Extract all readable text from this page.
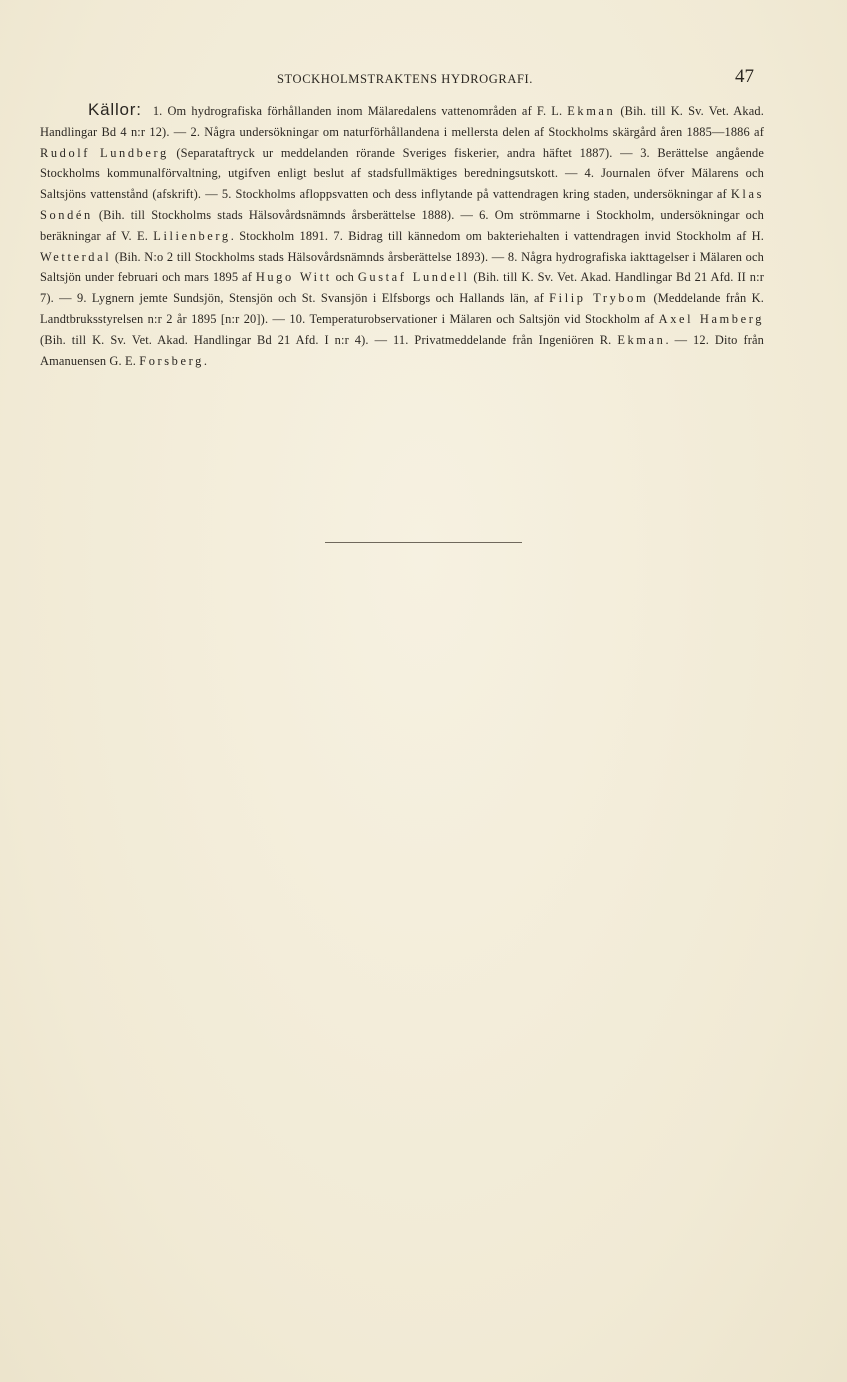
STOCKHOLMSTRAKTENS HYDROGRAFI.	47
Källor: 1. Om hydrografiska förhållanden inom Mälaredalens vattenområden af F. L. Ekman (Bih. till K. Sv. Vet. Akad. Handlingar Bd 4 n:r 12). — 2. Några undersökningar om naturförhållandena i mellersta delen af Stockholms skärgård åren 1885—1886 af Rudolf Lundberg (Separataftryck ur meddelanden rörande Sveriges fiskerier, andra häftet 1887). — 3. Berättelse angående Stockholms kommunalförvaltning, utgifven enligt beslut af stadsfullmäktiges beredningsutskott. — 4. Journalen öfver Mälarens och Saltsjöns vattenstånd (afskrift). — 5. Stockholms afloppsvatten och dess inflytande på vattendragen kring staden, undersökningar af Klas Sondén (Bih. till Stockholms stads Hälsovårdsnämnds årsberättelse 1888). — 6. Om strömmarne i Stockholm, undersökningar och beräkningar af V. E. Lilienberg. Stockholm 1891. 7. Bidrag till kännedom om bakteriehalten i vattendragen invid Stockholm af H. Wetterdal (Bih. N:o 2 till Stockholms stads Hälsovårdsnämnds årsberättelse 1893). — 8. Några hydrografiska iakttagelser i Mälaren och Saltsjön under februari och mars 1895 af Hugo Witt och Gustaf Lundell (Bih. till K. Sv. Vet. Akad. Handlingar Bd 21 Afd. II n:r 7). — 9. Lygnern jemte Sundsjön, Stensjön och St. Svansjön i Elfsborgs och Hallands län, af Filip Trybom (Meddelande från K. Landtbruksstyrelsen n:r 2 år 1895 [n:r 20]). — 10. Temperaturobservationer i Mälaren och Saltsjön vid Stockholm af Axel Hamberg (Bih. till K. Sv. Vet. Akad. Handlingar Bd 21 Afd. I n:r 4). — 11. Privatmeddelande från Ingeniören R. Ekman. — 12. Dito från Amanuensen G. E. Forsberg.
